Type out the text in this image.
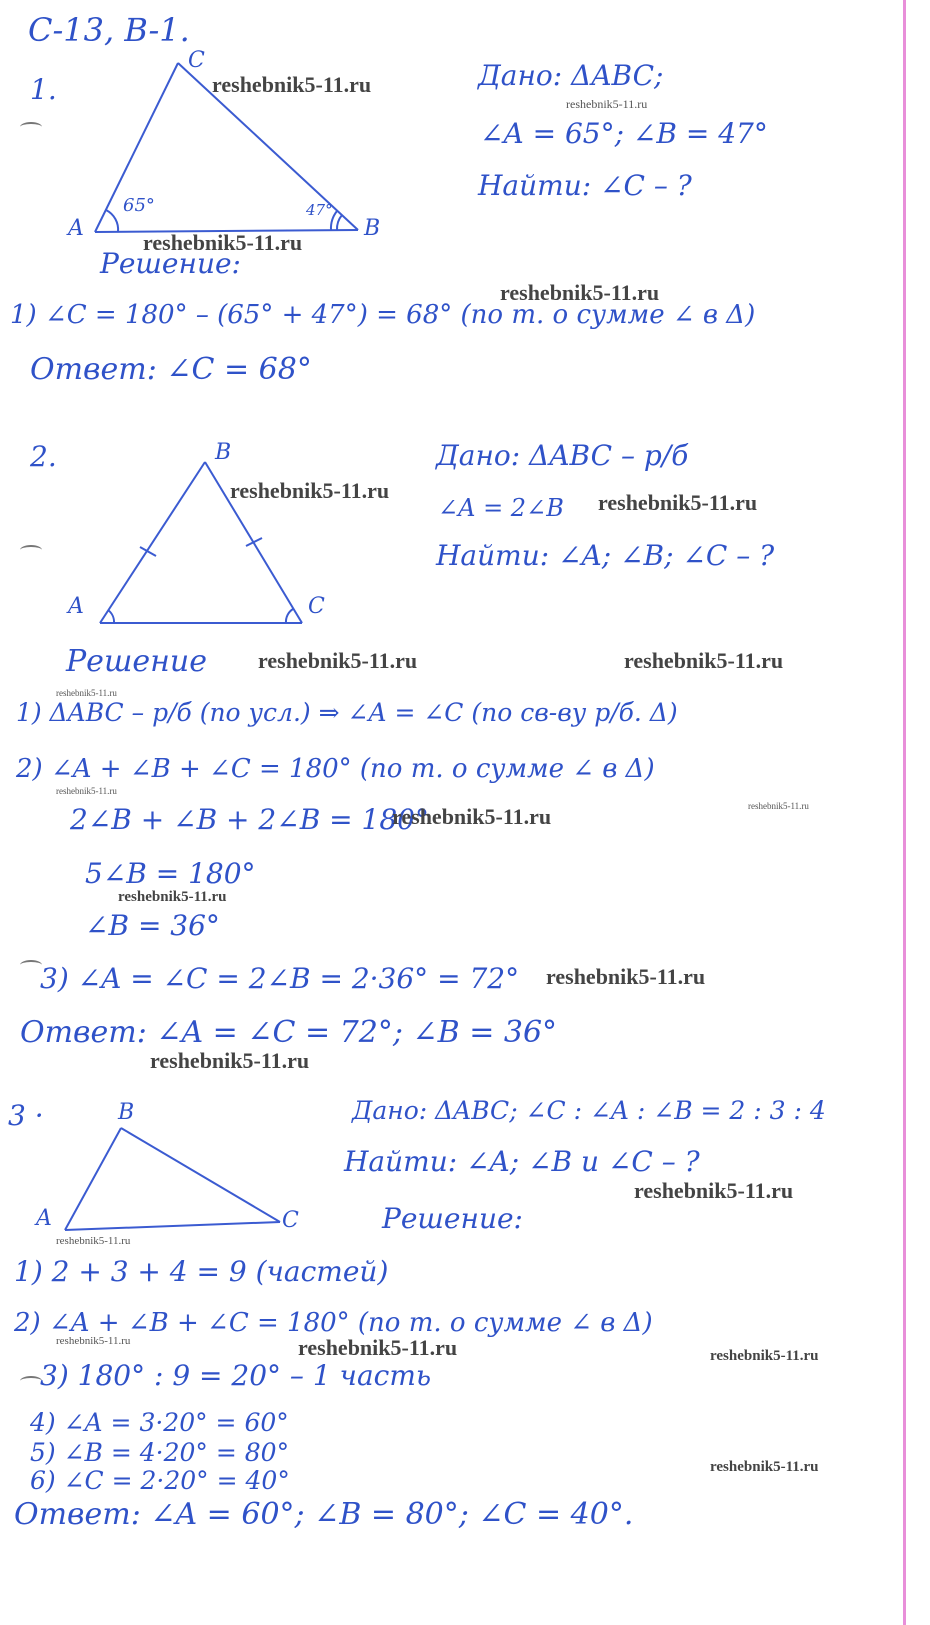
C-13, B-1.
1.
C
A	B
65°	47°
Дано: ΔABC;
∠A = 65°; ∠B = 47°
Найти: ∠C – ?
Решение:
1) ∠C = 180° – (65° + 47°) = 68° (по т. о сумме ∠ в Δ)
Ответ: ∠C = 68°
2.	B
A	C
Дано: ΔABC – р/б
∠A = 2∠B
Найти: ∠A; ∠B; ∠C – ?
Решение
1) ΔABC – р/б (по усл.) ⇒ ∠A = ∠C (по св-ву р/б. Δ)
2) ∠A + ∠B + ∠C = 180° (по т. о сумме ∠ в Δ)
2∠B + ∠B + 2∠B = 180°
5∠B = 180°
∠B = 36°
3) ∠A = ∠C = 2∠B = 2·36° = 72°
Ответ: ∠A = ∠C = 72°; ∠B = 36°
3 ·	B
A	C
Дано: ΔABC; ∠C : ∠A : ∠B = 2 : 3 : 4
Найти: ∠A; ∠B и ∠C – ?
Решение:
1) 2 + 3 + 4 = 9 (частей)
2) ∠A + ∠B + ∠C = 180° (по т. о сумме ∠ в Δ)
3) 180° : 9 = 20° – 1 часть
4) ∠A = 3·20° = 60°
5) ∠B = 4·20° = 80°
6) ∠C = 2·20° = 40°
Ответ: ∠A = 60°; ∠B = 80°; ∠C = 40°.
reshebnik5-11.ru
reshebnik5-11.ru
reshebnik5-11.ru
reshebnik5-11.ru
reshebnik5-11.ru	reshebnik5-11.ru
reshebnik5-11.ru	reshebnik5-11.ru
reshebnik5-11.ru
reshebnik5-11.ru
reshebnik5-11.ru
reshebnik5-11.ru
reshebnik5-11.ru
reshebnik5-11.ru
reshebnik5-11.ru
reshebnik5-11.ru
reshebnik5-11.ru
reshebnik5-11.ru	reshebnik5-11.ru	reshebnik5-11.ru
reshebnik5-11.ru
